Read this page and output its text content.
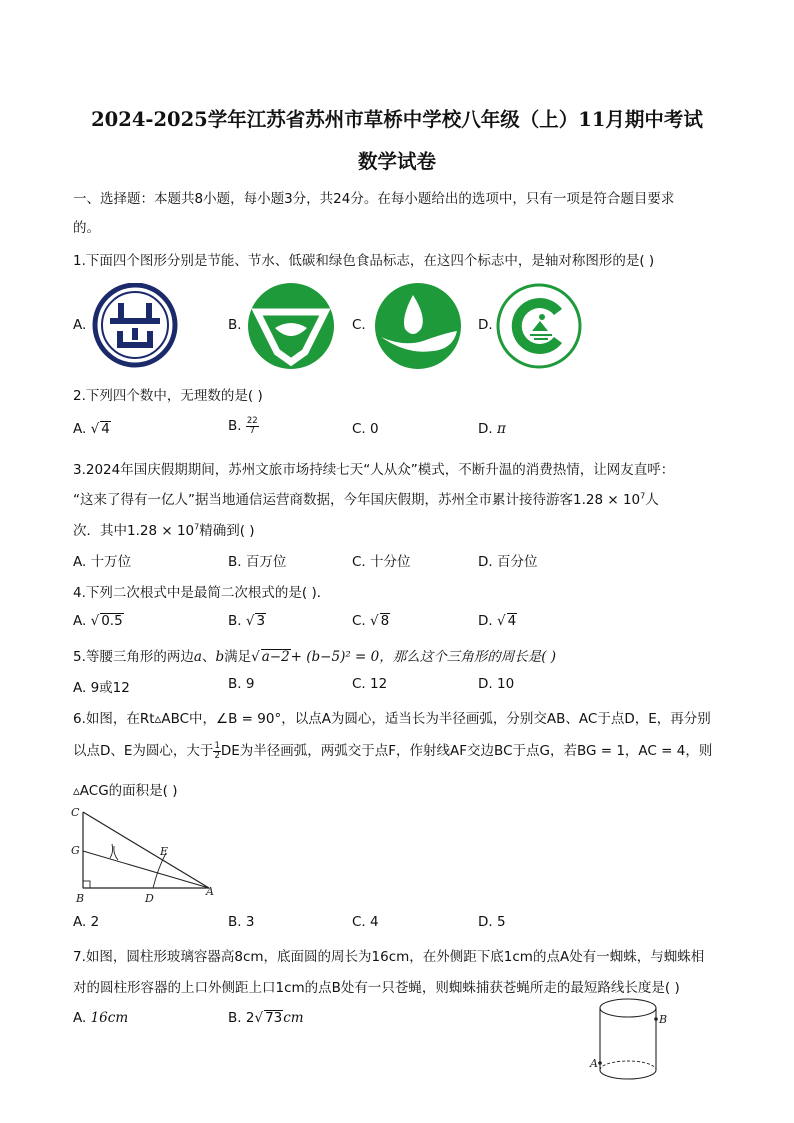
2024-2025学年江苏省苏州市草桥中学校八年级（上）11月期中考试
数学试卷
一、选择题：本题共8小题，每小题3分，共24分。在每小题给出的选项中，只有一项是符合题目要求
的。
1.下面四个图形分别是节能、节水、低碳和绿色食品标志，在这四个标志中，是轴对称图形的是( )
A.	B.	C.	D.
2.下列四个数中，无理数的是( )
A. √ 4	B. $\frac{22}{7}$	C. 0	D. π
3.2024年国庆假期期间，苏州文旅市场持续七天“人从众”模式，不断升温的消费热情，让网友直呼：
“这来了得有一亿人”据当地通信运营商数据，今年国庆假期，苏州全市累计接待游客$1.28 \times 10^7$人
次．其中$1.28 \times 10^7$精确到( )
A. 十万位	B. 百万位	C. 十分位	D. 百分位
4.下列二次根式中是最简二次根式的是( )．
A. √ 0.5	B. √ 3	C. √ 8	D. √ 4
5.等腰三角形的两边a、b满足√ a−2+ (b−5)² = 0，那么这个三角形的周长是( )
A. 9或12	B. 9	C. 12	D. 10
6.如图，在Rt▵ABC中，∠B = 90°，以点A为圆心，适当长为半径画弧，分别交AB、AC于点D，E，再分别
以点D、E为圆心，大于 $\frac{1}{2}$ DE为半径画弧，两弧交于点F，作射线AF交边BC于点G，若BG = 1，AC = 4，则
▵ACG的面积是( )
C
G	E
B	D
A
A. 2	B. 3	C. 4	D. 5
7.如图，圆柱形玻璃容器高8cm，底面圆的周长为16cm，在外侧距下底1cm的点A处有一蜘蛛，与蜘蛛相
对的圆柱形容器的上口外侧距上口1cm的点B处有一只苍蝇，则蜘蛛捕获苍蝇所走的最短路线长度是( )
A. 16cm	B. 2√ 73cm	B
A
